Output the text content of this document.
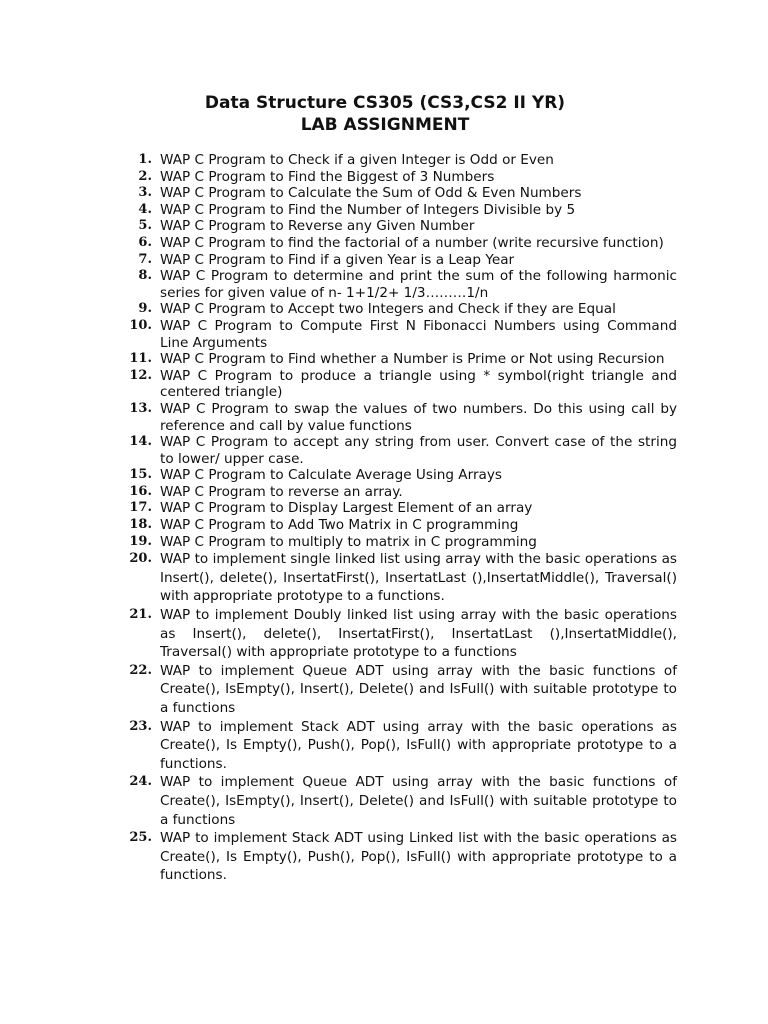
Data Structure CS305 (CS3,CS2 II YR)
LAB ASSIGNMENT
1. WAP C Program to Check if a given Integer is Odd or Even
2. WAP C Program to Find the Biggest of 3 Numbers
3. WAP C Program to Calculate the Sum of Odd & Even Numbers
4. WAP C Program to Find the Number of Integers Divisible by 5
5. WAP C Program to Reverse any Given Number
6. WAP C Program to find the factorial of a number (write recursive function)
7. WAP C Program to Find if a given Year is a Leap Year
8. WAP C Program to determine and print the sum of the following harmonic series for given value of n- 1+1/2+ 1/3………1/n
9. WAP C Program to Accept two Integers and Check if they are Equal
10. WAP C Program to Compute First N Fibonacci Numbers using Command Line Arguments
11. WAP C Program to Find whether a Number is Prime or Not using Recursion
12. WAP C Program to produce a triangle using * symbol(right triangle and centered triangle)
13. WAP C Program to swap the values of two numbers. Do this using call by reference and call by value functions
14. WAP C Program to accept any string from user. Convert case of the string to lower/ upper case.
15. WAP C Program to Calculate Average Using Arrays
16. WAP C Program to reverse an array.
17. WAP C Program to Display Largest Element of an array
18. WAP C Program to Add Two Matrix in C programming
19. WAP C Program to multiply to matrix in C programming
20. WAP to implement single linked list using array with the basic operations as Insert(), delete(), InsertatFirst(), InsertatLast (),InsertatMiddle(), Traversal() with appropriate prototype to a functions.
21. WAP to implement Doubly linked list using array with the basic operations as Insert(), delete(), InsertatFirst(), InsertatLast (),InsertatMiddle(), Traversal() with appropriate prototype to a functions
22. WAP to implement Queue ADT using array with the basic functions of Create(), IsEmpty(), Insert(), Delete() and IsFull() with suitable prototype to a functions
23. WAP to implement Stack ADT using array with the basic operations as Create(), Is Empty(), Push(), Pop(), IsFull() with appropriate prototype to a functions.
24. WAP to implement Queue ADT using array with the basic functions of Create(), IsEmpty(), Insert(), Delete() and IsFull() with suitable prototype to a functions
25. WAP to implement Stack ADT using Linked list with the basic operations as Create(), Is Empty(), Push(), Pop(), IsFull() with appropriate prototype to a functions.
